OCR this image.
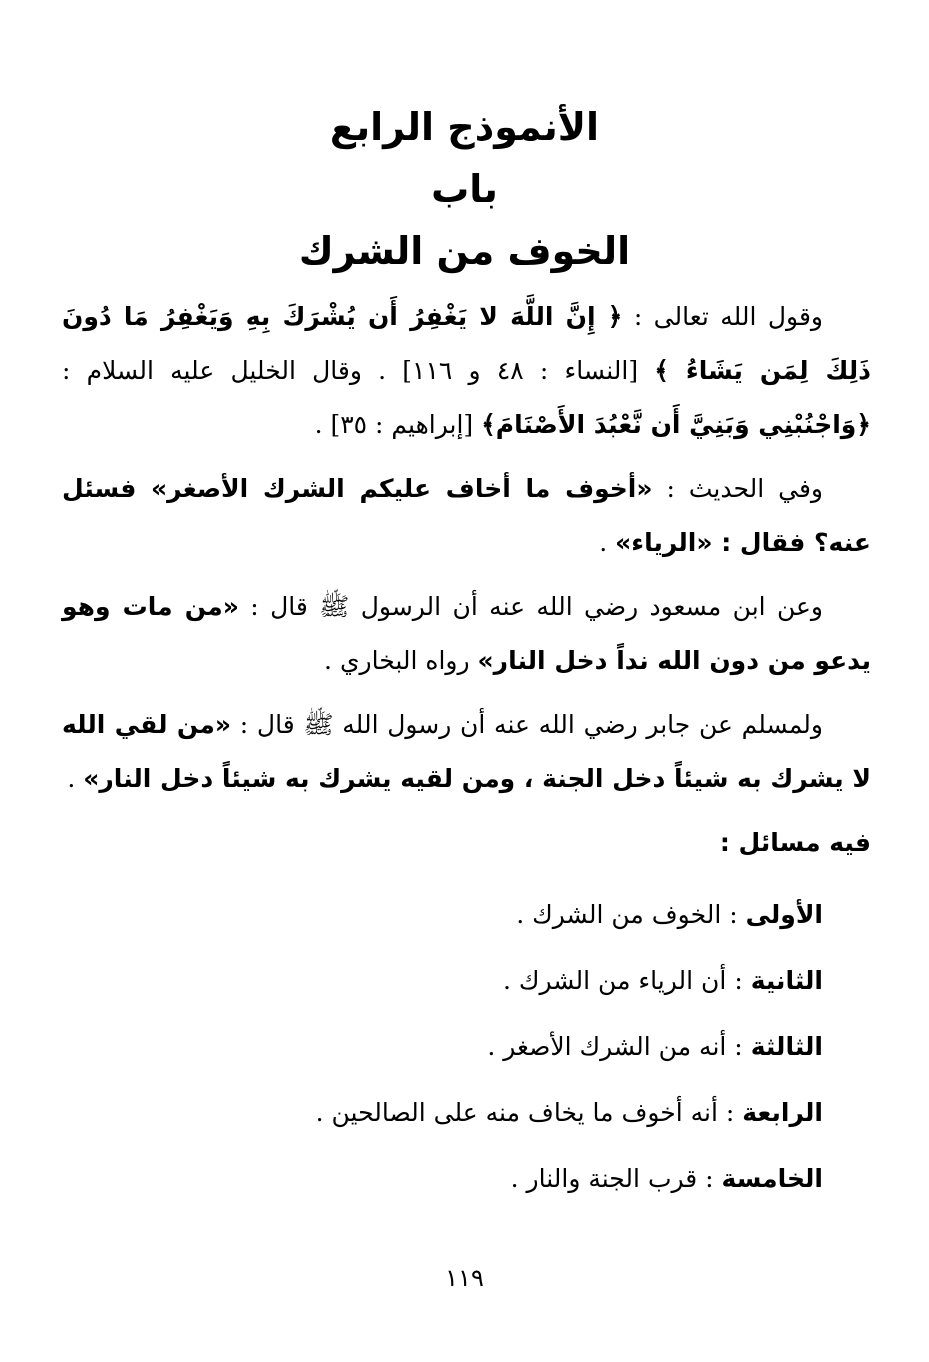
الأنموذج الرابع
باب
الخوف من الشرك

وقول الله تعالى : ﴿ إِنَّ اللَّهَ لا يَغْفِرُ أَن يُشْرَكَ بِهِ وَيَغْفِرُ مَا دُونَ ذَلِكَ لِمَن يَشَاءُ ﴾ [النساء : ٤٨ و ١١٦] . وقال الخليل عليه السلام : ﴿وَاجْنُبْنِي وَبَنِيَّ أَن نَّعْبُدَ الأَصْنَامَ﴾ [إبراهيم : ٣٥] .

وفي الحديث : «أخوف ما أخاف عليكم الشرك الأصغر» فسئل عنه؟ فقال : «الرياء» .

وعن ابن مسعود رضي الله عنه أن الرسول ﷺ قال : «من مات وهو يدعو من دون الله نداً دخل النار» رواه البخاري .

ولمسلم عن جابر رضي الله عنه أن رسول الله ﷺ قال : «من لقي الله لا يشرك به شيئاً دخل الجنة ، ومن لقيه يشرك به شيئاً دخل النار» .

فيه مسائل :

الأولى : الخوف من الشرك .
الثانية : أن الرياء من الشرك .
الثالثة : أنه من الشرك الأصغر .
الرابعة : أنه أخوف ما يخاف منه على الصالحين .
الخامسة : قرب الجنة والنار .
١١٩
